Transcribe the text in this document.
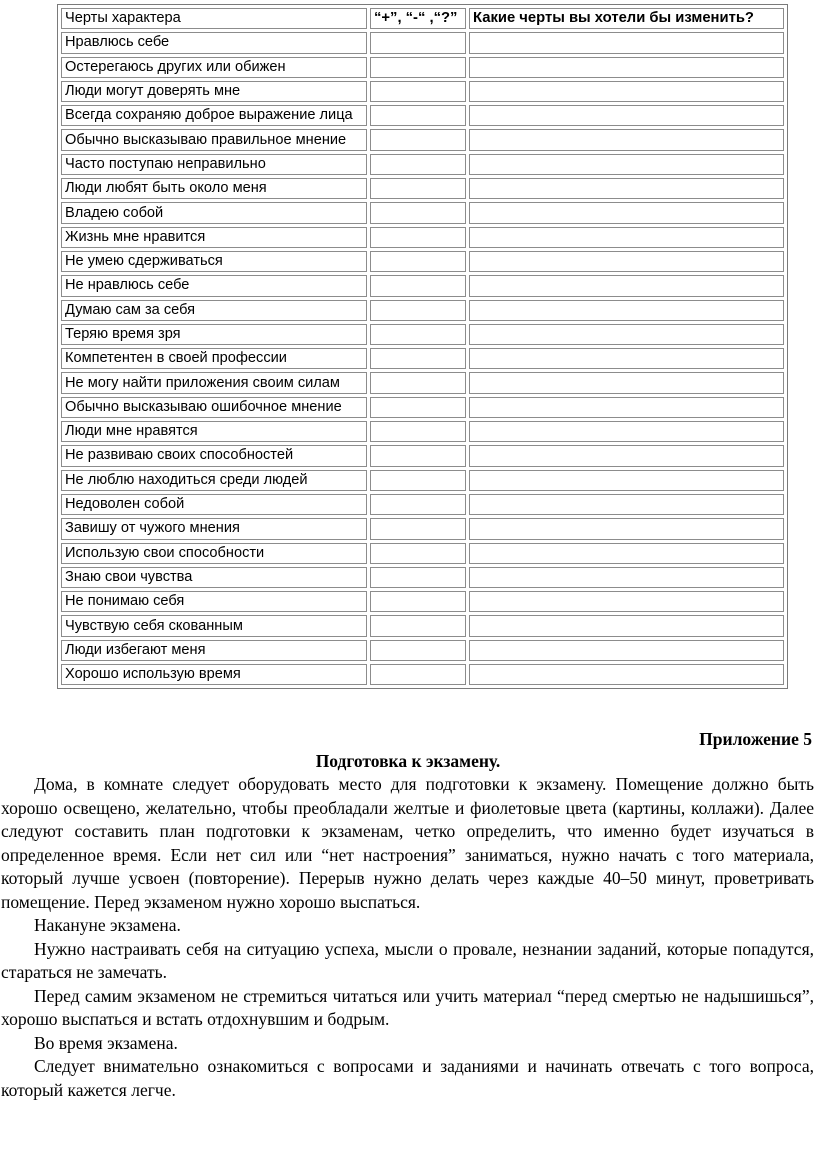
Черты характера	“+”, “-“ ,“?”	Какие черты вы хотели бы изменить?
Нравлюсь себе		
Остерегаюсь других или обижен		
Люди могут доверять мне		
Всегда сохраняю доброе выражение лица		
Обычно высказываю правильное мнение		
Часто поступаю неправильно		
Люди любят быть около меня		
Владею собой		
Жизнь мне нравится		
Не умею сдерживаться		
Не нравлюсь себе		
Думаю сам за себя		
Теряю время зря		
Компетентен в своей профессии		
Не могу найти приложения своим силам		
Обычно высказываю ошибочное мнение		
Люди мне нравятся		
Не развиваю своих способностей		
Не люблю находиться среди людей		
Недоволен собой		
Завишу от чужого мнения		
Использую свои способности		
Знаю свои чувства		
Не понимаю себя		
Чувствую себя скованным		
Люди избегают меня		
Хорошо использую время		
Приложение 5
Подготовка к экзамену.

Дома, в комнате следует оборудовать место для подготовки к экзамену. Помещение должно быть хорошо освещено, желательно, чтобы преобладали желтые и фиолетовые цвета (картины, коллажи). Далее следуют составить план подготовки к экзаменам, четко определить, что именно будет изучаться в определенное время. Если нет сил или “нет настроения” заниматься, нужно начать с того материала, который лучше усвоен (повторение). Перерыв нужно делать через каждые 40–50 минут, проветривать помещение. Перед экзаменом нужно хорошо выспаться.

Накануне экзамена.

Нужно настраивать себя на ситуацию успеха, мысли о провале, незнании заданий, которые попадутся, стараться не замечать.

Перед самим экзаменом не стремиться читаться или учить материал “перед смертью не надышишься”, хорошо выспаться и встать отдохнувшим и бодрым.

Во время экзамена.

Следует внимательно ознакомиться с вопросами и заданиями и начинать отвечать с того вопроса, который кажется легче.
